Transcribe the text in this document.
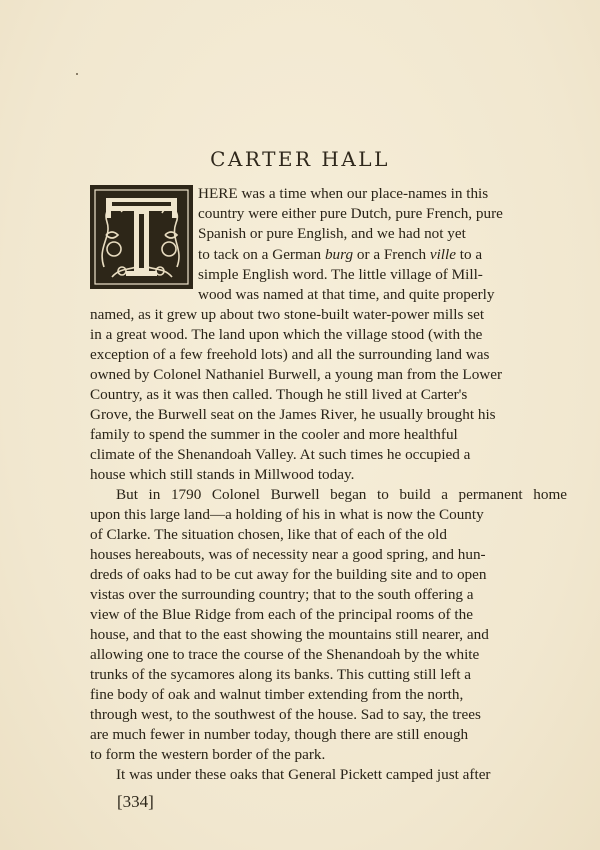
CARTER HALL
T
HERE was a time when our place-names in this
country were either pure Dutch, pure French, pure
Spanish or pure English, and we had not yet
to tack on a German burg or a French ville to a
simple English word. The little village of Mill-
wood was named at that time, and quite properly
named, as it grew up about two stone-built water-power mills set
in a great wood. The land upon which the village stood (with the
exception of a few freehold lots) and all the surrounding land was
owned by Colonel Nathaniel Burwell, a young man from the Lower
Country, as it was then called. Though he still lived at Carter's
Grove, the Burwell seat on the James River, he usually brought his
family to spend the summer in the cooler and more healthful
climate of the Shenandoah Valley. At such times he occupied a
house which still stands in Millwood today.
But in 1790 Colonel Burwell began to build a permanent home
upon this large land—a holding of his in what is now the County
of Clarke. The situation chosen, like that of each of the old
houses hereabouts, was of necessity near a good spring, and hun-
dreds of oaks had to be cut away for the building site and to open
vistas over the surrounding country; that to the south offering a
view of the Blue Ridge from each of the principal rooms of the
house, and that to the east showing the mountains still nearer, and
allowing one to trace the course of the Shenandoah by the white
trunks of the sycamores along its banks. This cutting still left a
fine body of oak and walnut timber extending from the north,
through west, to the southwest of the house. Sad to say, the trees
are much fewer in number today, though there are still enough
to form the western border of the park.
It was under these oaks that General Pickett camped just after
[334]
